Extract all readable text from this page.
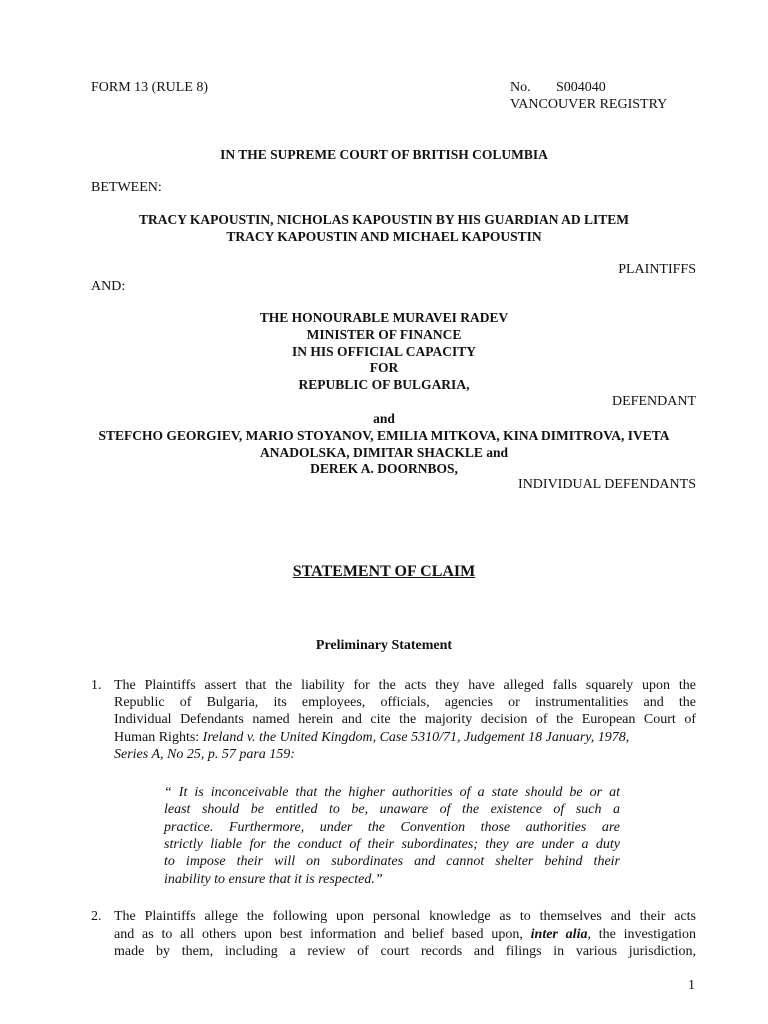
FORM 13 (RULE 8)	No. S004040
VANCOUVER REGISTRY
IN THE SUPREME COURT OF BRITISH COLUMBIA
BETWEEN:
TRACY KAPOUSTIN, NICHOLAS KAPOUSTIN BY HIS GUARDIAN AD LITEM
TRACY KAPOUSTIN AND MICHAEL KAPOUSTIN
PLAINTIFFS
AND:
THE HONOURABLE MURAVEI RADEV
MINISTER OF FINANCE
IN HIS OFFICIAL CAPACITY
FOR
REPUBLIC OF BULGARIA,
DEFENDANT
and
STEFCHO GEORGIEV, MARIO STOYANOV, EMILIA MITKOVA, KINA DIMITROVA, IVETA
ANADOLSKA, DIMITAR SHACKLE and
DEREK A. DOORNBOS,
INDIVIDUAL DEFENDANTS
STATEMENT OF CLAIM
Preliminary Statement
1. The Plaintiffs assert that the liability for the acts they have alleged falls squarely upon the
Republic of Bulgaria, its employees, officials, agencies or instrumentalities and the
Individual Defendants named herein and cite the majority decision of the European Court of
Human Rights: Ireland v. the United Kingdom, Case 5310/71, Judgement 18 January, 1978,
Series A, No 25, p. 57 para 159:
“ It is inconceivable that the higher authorities of a state should be or at
least should be entitled to be, unaware of the existence of such a
practice. Furthermore, under the Convention those authorities are
strictly liable for the conduct of their subordinates; they are under a duty
to impose their will on subordinates and cannot shelter behind their
inability to ensure that it is respected.”
2. The Plaintiffs allege the following upon personal knowledge as to themselves and their acts
and as to all others upon best information and belief based upon, inter alia, the investigation
made by them, including a review of court records and filings in various jurisdiction,
1
